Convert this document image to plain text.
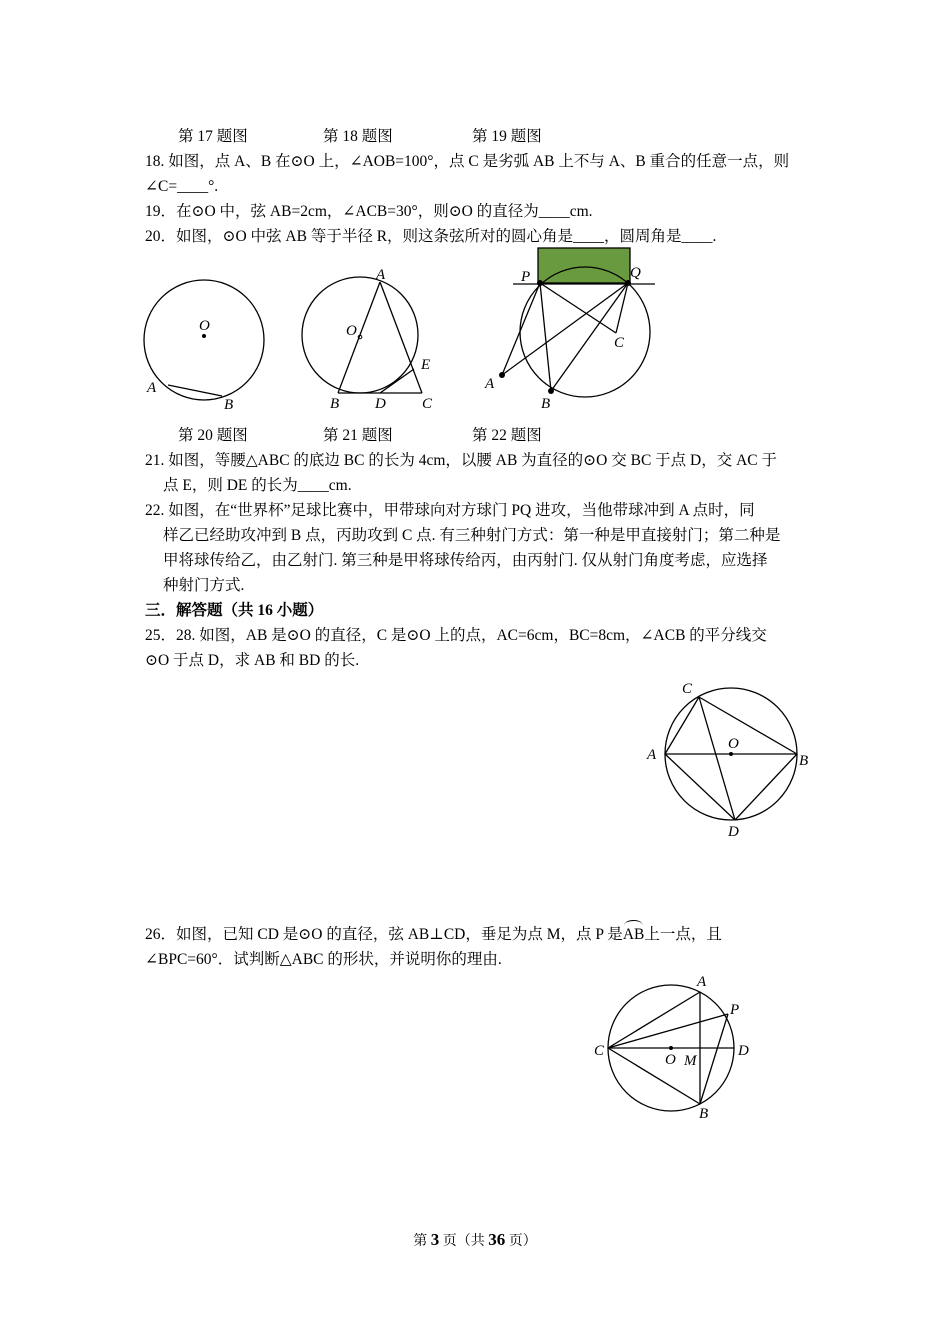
第 17 题图	第 18 题图	第 19 题图
18. 如图，点 A、B 在⊙O 上，∠AOB=100°，点 C 是劣弧 AB 上不与 A、B 重合的任意一点，则
∠C=____°.
19．在⊙O 中，弦 AB=2cm，∠ACB=30°，则⊙O 的直径为____cm.
20．如图，⊙O 中弦 AB 等于半径 R，则这条弦所对的圆心角是____，圆周角是____.
O
A
B
A
O
E
B D C
P	Q
C
A
B
第 20 题图	第 21 题图	第 22 题图
21. 如图，等腰△ABC 的底边 BC 的长为 4cm，以腰 AB 为直径的⊙O 交 BC 于点 D，交 AC 于
点 E，则 DE 的长为____cm.
22. 如图，在“世界杯”足球比赛中，甲带球向对方球门 PQ 进攻，当他带球冲到 A 点时，同
样乙已经助攻冲到 B 点，丙助攻到 C 点. 有三种射门方式：第一种是甲直接射门；第二种是
甲将球传给乙，由乙射门. 第三种是甲将球传给丙，由丙射门. 仅从射门角度考虑，应选择
种射门方式.
三．解答题（共 16 小题）
25．28. 如图，AB 是⊙O 的直径，C 是⊙O 上的点，AC=6cm，BC=8cm，∠ACB 的平分线交
⊙O 于点 D，求 AB 和 BD 的长.
C
O
A	B
D
26．如图，已知 CD 是⊙O 的直径，弦 AB⊥CD，垂足为点 M，点 P 是AB上一点，且
∠BPC=60°．试判断△ABC 的形状，并说明你的理由.
A
P
C
O M
D
B
第 3 页（共 36 页）
